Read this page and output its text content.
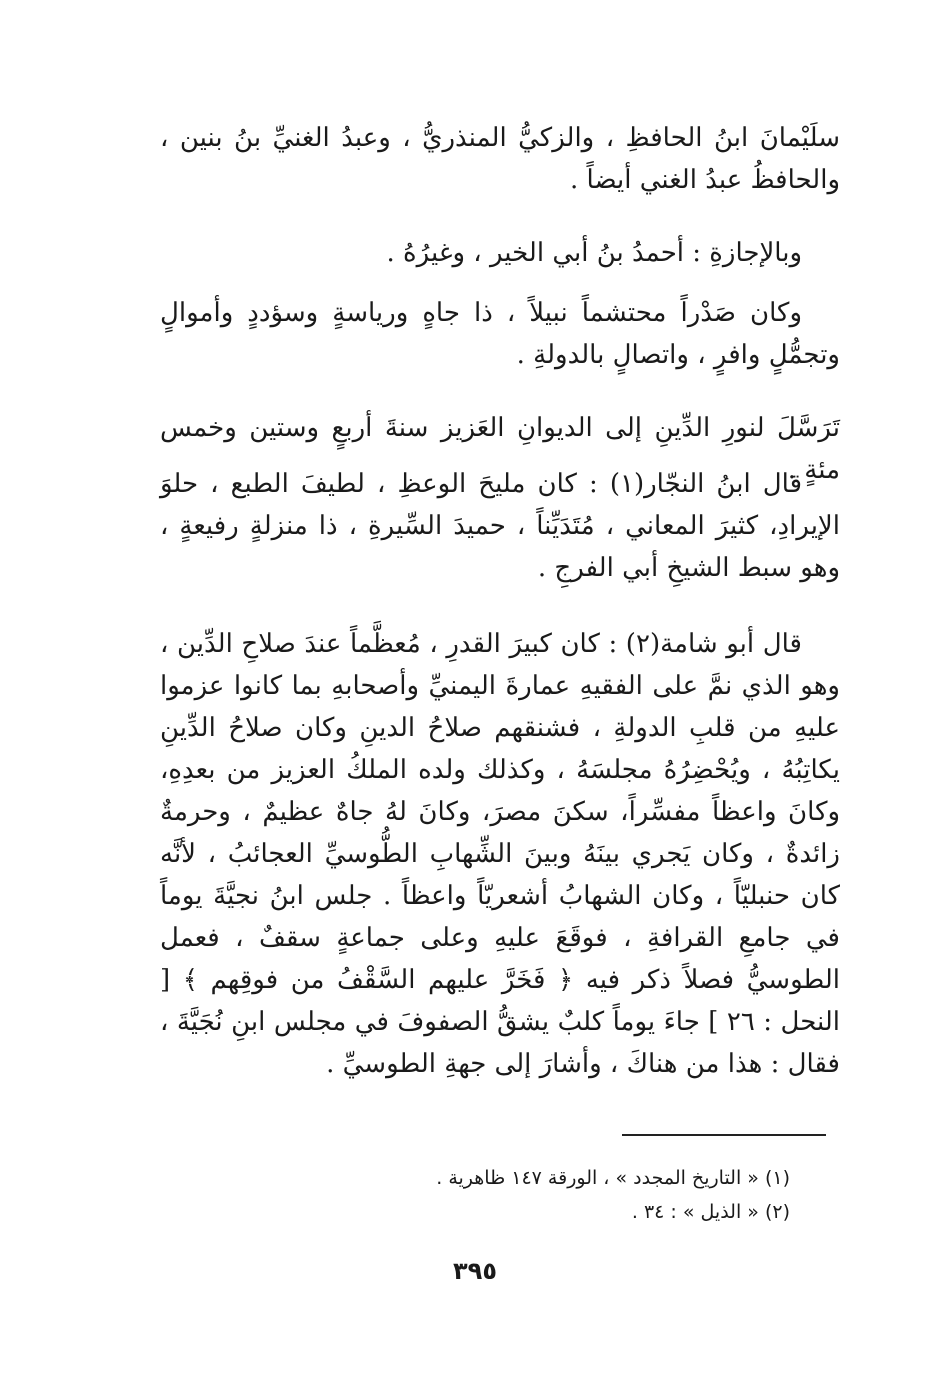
سلَيْمانَ ابنُ الحافظِ ، والزكيُّ المنذريُّ ، وعبدُ الغنيِّ بنُ بنين ، والحافظُ عبدُ الغني أيضاً .

وبالإجازةِ : أحمدُ بنُ أبي الخير ، وغيرُهُ .

وكان صَدْراً محتشماً نبيلاً ، ذا جاهٍ ورياسةٍ وسؤددٍ وأموالٍ وتجمُّلٍ وافرٍ ، واتصالٍ بالدولةِ .

تَرَسَّلَ لنورِ الدِّينِ إلى الديوانِ العَزيز سنةَ أربعٍ وستين وخمس مئةٍ .

قال ابنُ النجّار(١) : كان مليحَ الوعظِ ، لطيفَ الطبع ، حلوَ الإيرادِ، كثيرَ المعاني ، مُتَدَيِّناً ، حميدَ السِّيرةِ ، ذا منزلةٍ رفيعةٍ ، وهو سبط الشيخِ أبي الفرجِ .

قال أبو شامة(٢) : كان كبيرَ القدرِ ، مُعظَّماً عندَ صلاحِ الدِّين ، وهو الذي نمَّ على الفقيهِ عمارةَ اليمنيِّ وأصحابهِ بما كانوا عزموا عليهِ من قلبِ الدولةِ ، فشنقهم صلاحُ الدينِ وكان صلاحُ الدِّينِ يكاتِبُهُ ، ويُحْضِرُهُ مجلسَهُ ، وكذلك ولده الملكُ العزيز من بعدِهِ، وكانَ واعظاً مفسِّراً، سكنَ مصرَ، وكانَ لهُ جاهٌ عظيمٌ ، وحرمةٌ زائدةٌ ، وكان يَجري بينَهُ وبينَ الشِّهابِ الطُّوسيِّ العجائبُ ، لأنَّه كان حنبليّاً ، وكان الشهابُ أشعريّاً واعظاً . جلس ابنُ نجيَّةَ يوماً في جامعِ القرافةِ ، فوقَعَ عليهِ وعلى جماعةٍ سقفٌ ، فعمل الطوسيُّ فصلاً ذكر فيه ﴿ فَخَرَّ عليهم السَّقْفُ من فوقِهم ﴾ [ النحل : ٢٦ ] جاءَ يوماً كلبٌ يشقُّ الصفوفَ في مجلس ابنِ نُجَيَّةَ ، فقال : هذا من هناكَ ، وأشارَ إلى جهةِ الطوسيِّ .

(١) « التاريخ المجدد » ، الورقة ١٤٧ ظاهرية .

(٢) « الذيل » : ٣٤ .

٣٩٥
